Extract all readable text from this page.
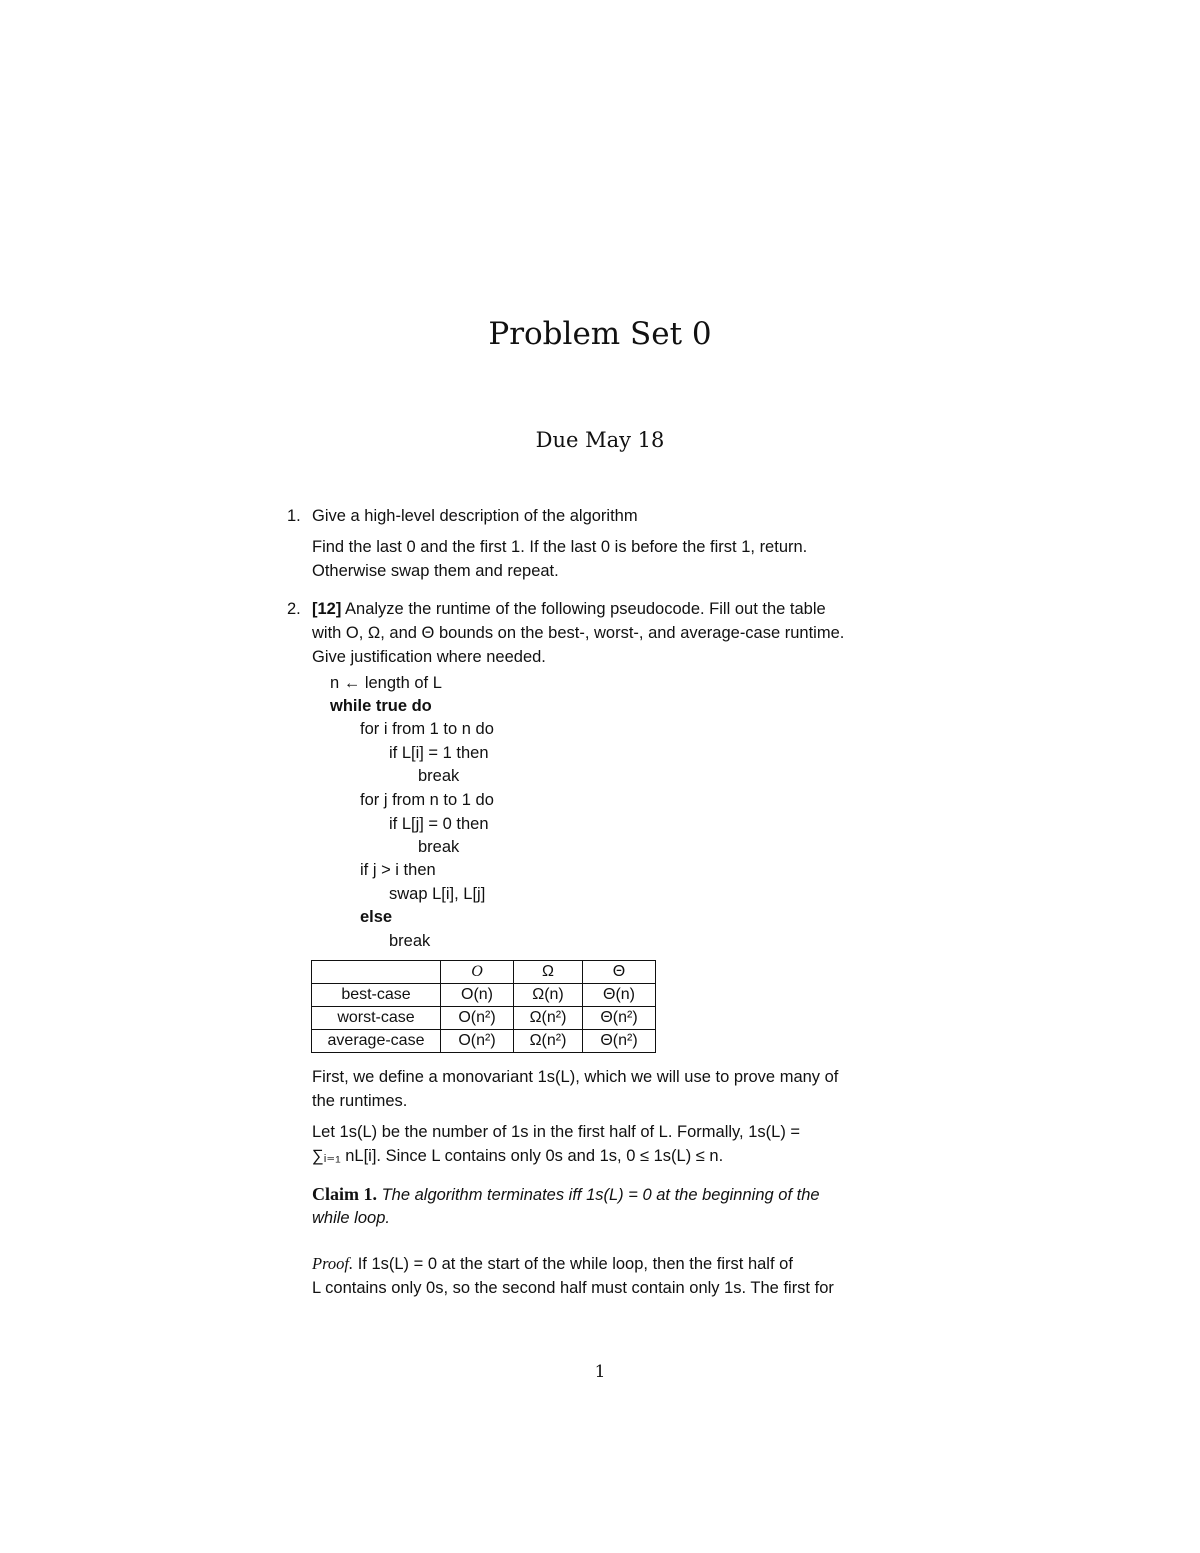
Problem Set 0
Due May 18
1. Give a high-level description of the algorithm
Find the last 0 and the first 1. If the last 0 is before the first 1, return.
Otherwise swap them and repeat.
2. [12] Analyze the runtime of the following pseudocode. Fill out the table
with O, Ω, and Θ bounds on the best-, worst-, and average-case runtime.
Give justification where needed.
n ← length of L
while true do
for i from 1 to n do
if L[i] = 1 then
break
for j from n to 1 do
if L[j] = 0 then
break
if j > i then
swap L[i], L[j]
else
break
	O	Ω	Θ
best-case	O(n)	Ω(n)	Θ(n)
worst-case	O(n²)	Ω(n²)	Θ(n²)
average-case	O(n²)	Ω(n²)	Θ(n²)
First, we define a monovariant 1s(L), which we will use to prove many of
the runtimes.
Let 1s(L) be the number of 1s in the first half of L. Formally, 1s(L) =
∑ᵢ₌₁ nL[i]. Since L contains only 0s and 1s, 0 ≤ 1s(L) ≤ n.
Claim 1. The algorithm terminates iff 1s(L) = 0 at the beginning of the
while loop.
Proof. If 1s(L) = 0 at the start of the while loop, then the first half of
L contains only 0s, so the second half must contain only 1s. The first for
1
